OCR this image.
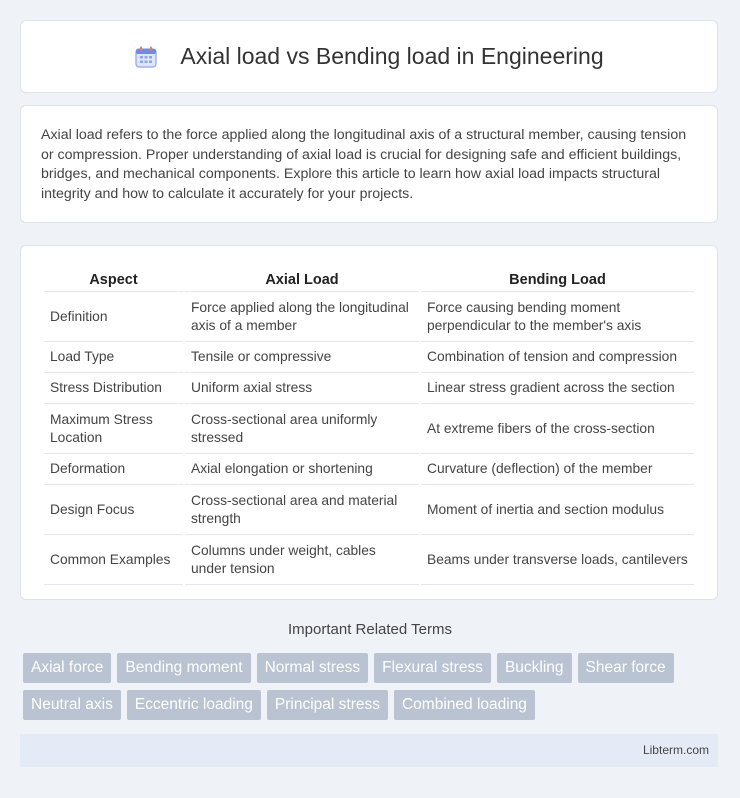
Axial load vs Bending load in Engineering
Axial load refers to the force applied along the longitudinal axis of a structural member, causing tension or compression. Proper understanding of axial load is crucial for designing safe and efficient buildings, bridges, and mechanical components. Explore this article to learn how axial load impacts structural integrity and how to calculate it accurately for your projects.
Aspect	Axial Load	Bending Load
Definition	Force applied along the longitudinal axis of a member	Force causing bending moment perpendicular to the member's axis
Load Type	Tensile or compressive	Combination of tension and compression
Stress Distribution	Uniform axial stress	Linear stress gradient across the section
Maximum Stress Location	Cross-sectional area uniformly stressed	At extreme fibers of the cross-section
Deformation	Axial elongation or shortening	Curvature (deflection) of the member
Design Focus	Cross-sectional area and material strength	Moment of inertia and section modulus
Common Examples	Columns under weight, cables under tension	Beams under transverse loads, cantilevers
Important Related Terms
Axial force	Bending moment	Normal stress	Flexural stress	Buckling	Shear force
Neutral axis	Eccentric loading	Principal stress	Combined loading
Libterm.com
